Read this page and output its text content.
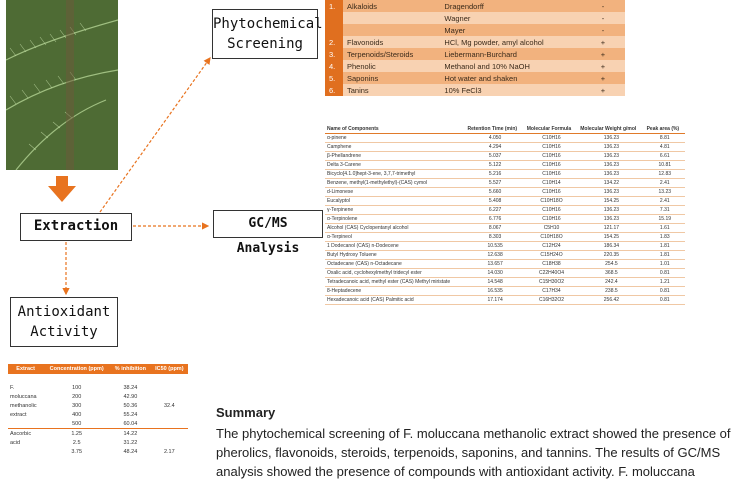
Phytochemical
Screening
Extraction	GC/MS Analysis
Antioxidant
Activity
1.	Alkaloids	Dragendorff	-
		Wagner	-
		Mayer	-
2.	Flavonoids	HCl, Mg powder, amyl alcohol	+
3.	Terpenoids/Steroids	Liebermann-Burchard	+
4.	Phenolic	Methanol and 10% NaOH	+
5.	Saponins	Hot water and shaken	+
6.	Tanins	10% FeCl3	+
Name of Components	Retention Time (min)	Molecular Formula	Molecular Weight g/mol	Peak area (%)
α-pinene	4.050	C10H16	136.23	8.81
Camphene	4.294	C10H16	136.23	4.81
β-Phellandrene	5.037	C10H16	136.23	6.61
Delta 3-Carene	5.122	C10H16	136.23	10.81
Bicyclo[4.1.0]hept-3-ene, 3,7,7-trimethyl	5.216	C10H16	136.23	12.83
Benzene, methyl(1-methylethyl)-(CAS) cymol	5.527	C10H14	134.22	2.41
d-Limonese	5.660	C10H16	136.23	13.23
Eucalyptol	5.408	C10H18O	154.25	2.41
γ-Terpinene	6.227	C10H16	136.23	7.31
α-Terpinolene	6.776	C10H16	136.23	15.19
Alcohol (CAS) Cyclopentanyl alcohol	8.067	C5H10	121.17	1.61
α-Terpineol	8.303	C10H18O	154.25	1.83
1 Dodecanol (CAS) n-Dodecene	10.535	C12H24	186.34	1.81
Butyl Hydroxy Toluene	12.638	C15H24O	220.35	1.81
Octadecane (CAS) n-Octadecane	13.657	C18H38	254.5	1.01
Oxalic acid, cyclohexylmethyl tridecyl ester	14.030	C22H40O4	368.5	0.81
Tetradecanoic acid, methyl ester (CAS) Methyl miristate	14.548	C15H30O2	242.4	1.21
8-Heptadecene	16.535	C17H34	238.5	0.81
Hexadecanoic acid (CAS) Palmitic acid	17.174	C16H32O2	256.42	0.81
Extract	Concentration (ppm)	% inhibition	IC50 (ppm)

F.	100	38.24	
moluccana	200	42.90	
methanolic	300	50.36	32.4
extract	400	55.24	
	500	60.04	
Ascorbic	1.25	14.22	
acid	2.5	31.22	
	3.75	48.24	2.17
Summary

The phytochemical screening of F. moluccana methanolic extract showed the presence of pherolics, flavonoids, steroids, terpenoids, saponins, and tannins. The results of GC/MS analysis showed the presence of compounds with antioxidant activity. F. moluccana
